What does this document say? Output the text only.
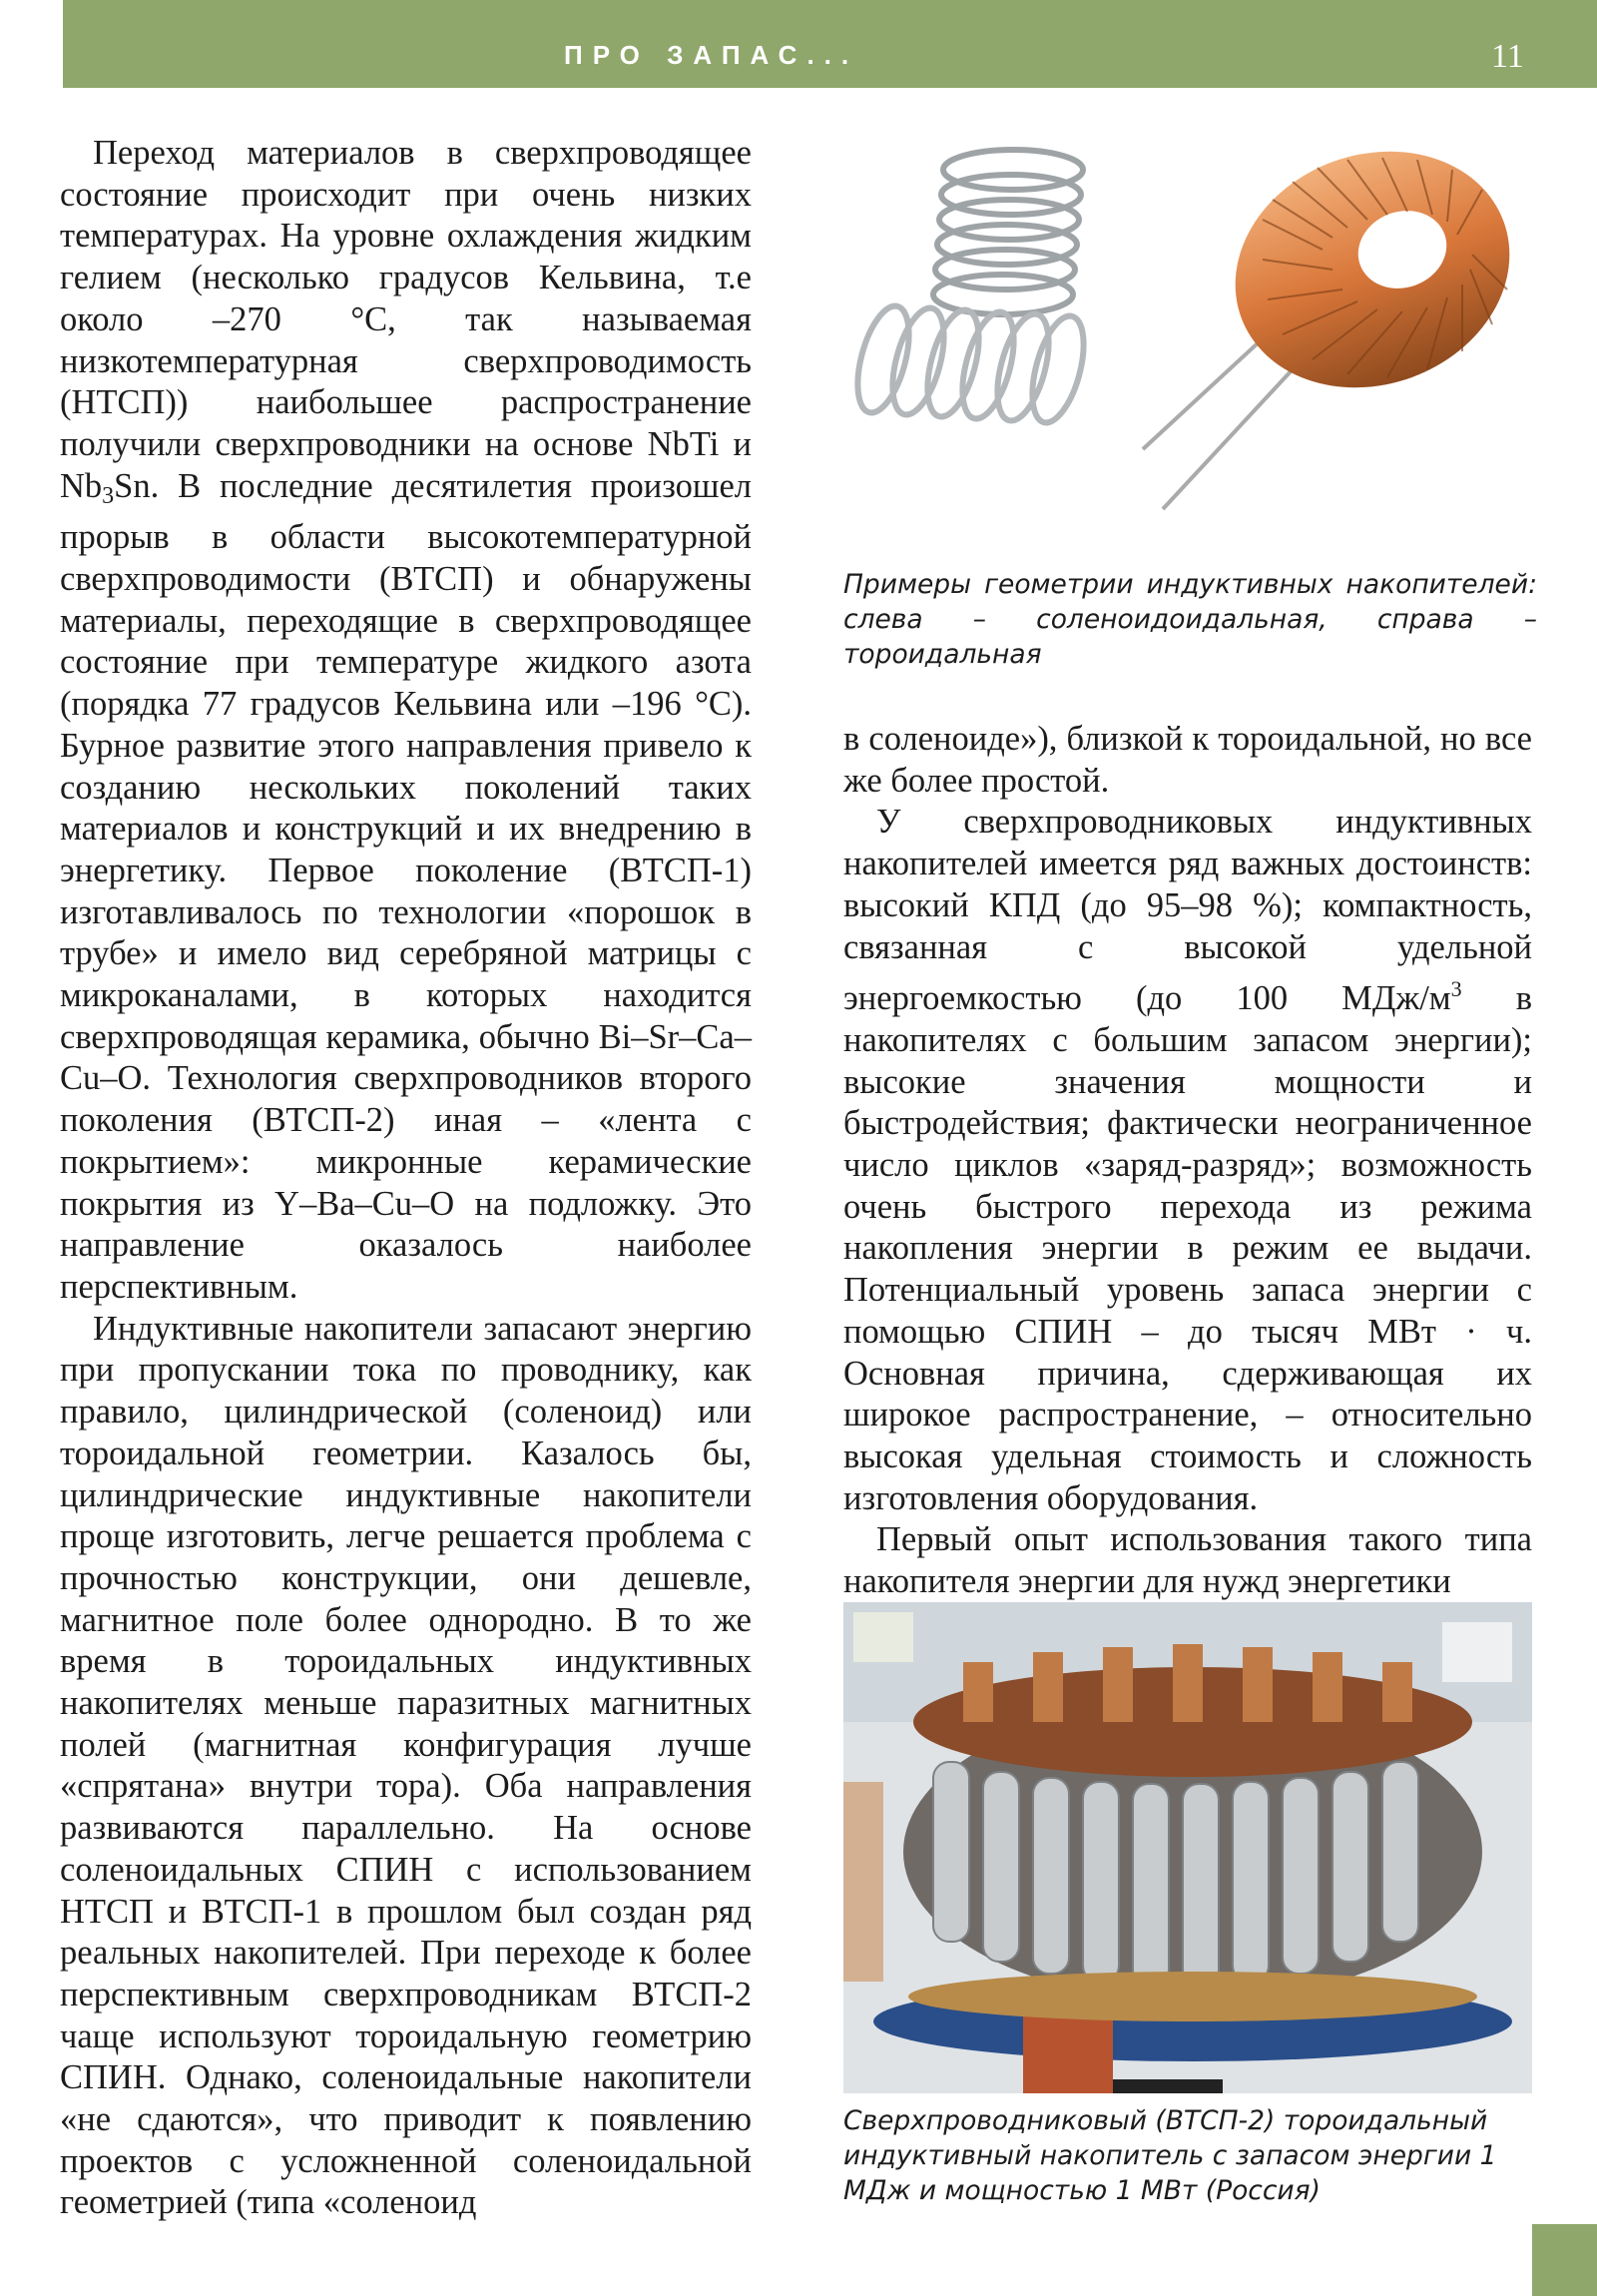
ПРО ЗАПАС...	11

Переход материалов в сверхпроводящее состояние происходит при очень низких температурах. На уровне охлаждения жидким гелием (несколько градусов Кельвина, т.е около –270 °C, так называемая низкотемпературная сверхпроводимость (НТСП)) наибольшее распространение получили сверхпроводники на основе NbTi и $Nb_3Sn$. В последние десятилетия произошел прорыв в области высокотемпературной сверхпроводимости (ВТСП) и обнаружены материалы, переходящие в сверхпроводящее состояние при температуре жидкого азота (порядка 77 градусов Кельвина или –196 °C). Бурное развитие этого направления привело к созданию нескольких поколений таких материалов и конструкций и их внедрению в энергетику. Первое поколение (ВТСП-1) изготавливалось по технологии «порошок в трубе» и имело вид серебряной матрицы с микроканалами, в которых находится сверхпроводящая керамика, обычно Bi–Sr–Ca–Cu–O. Технология сверхпроводников второго поколения (ВТСП-2) иная – «лента с покрытием»: микронные керамические покрытия из Y–Ba–Cu–O на подложку. Это направление оказалось наиболее перспективным.

Индуктивные накопители запасают энергию при пропускании тока по проводнику, как правило, цилиндрической (соленоид) или тороидальной геометрии. Казалось бы, цилиндрические индуктивные накопители проще изготовить, легче решается проблема с прочностью конструкции, они дешевле, магнитное поле более однородно. В то же время в тороидальных индуктивных накопителях меньше паразитных магнитных полей (магнитная конфигурация лучше «спрятана» внутри тора). Оба направления развиваются параллельно. На основе соленоидальных СПИН с использованием НТСП и ВТСП-1 в прошлом был создан ряд реальных накопителей. При переходе к более перспективным сверхпроводникам ВТСП-2 чаще используют тороидальную геометрию СПИН. Однако, соленоидальные накопители «не сдаются», что приводит к появлению проектов с усложненной соленоидальной геометрией (типа «соленоид

Примеры геометрии индуктивных накопителей: слева – соленоидоидальная, справа – тороидальная

в соленоиде»), близкой к тороидальной, но все же более простой.

У сверхпроводниковых индуктивных накопителей имеется ряд важных достоинств: высокий КПД (до 95–98 %); компактность, связанная с высокой удельной энергоемкостью (до 100 МДж/$м^3$ в накопителях с большим запасом энергии); высокие значения мощности и быстродействия; фактически неограниченное число циклов «заряд-разряд»; возможность очень быстрого перехода из режима накопления энергии в режим ее выдачи. Потенциальный уровень запаса энергии с помощью СПИН – до тысяч МВт · ч. Основная причина, сдерживающая их широкое распространение, – относительно высокая удельная стоимость и сложность изготовления оборудования.

Первый опыт использования такого типа накопителя энергии для нужд энергетики

Сверхпроводниковый (ВТСП-2) тороидальный индуктивный накопитель с запасом энергии 1 МДж и мощностью 1 МВт (Россия)
